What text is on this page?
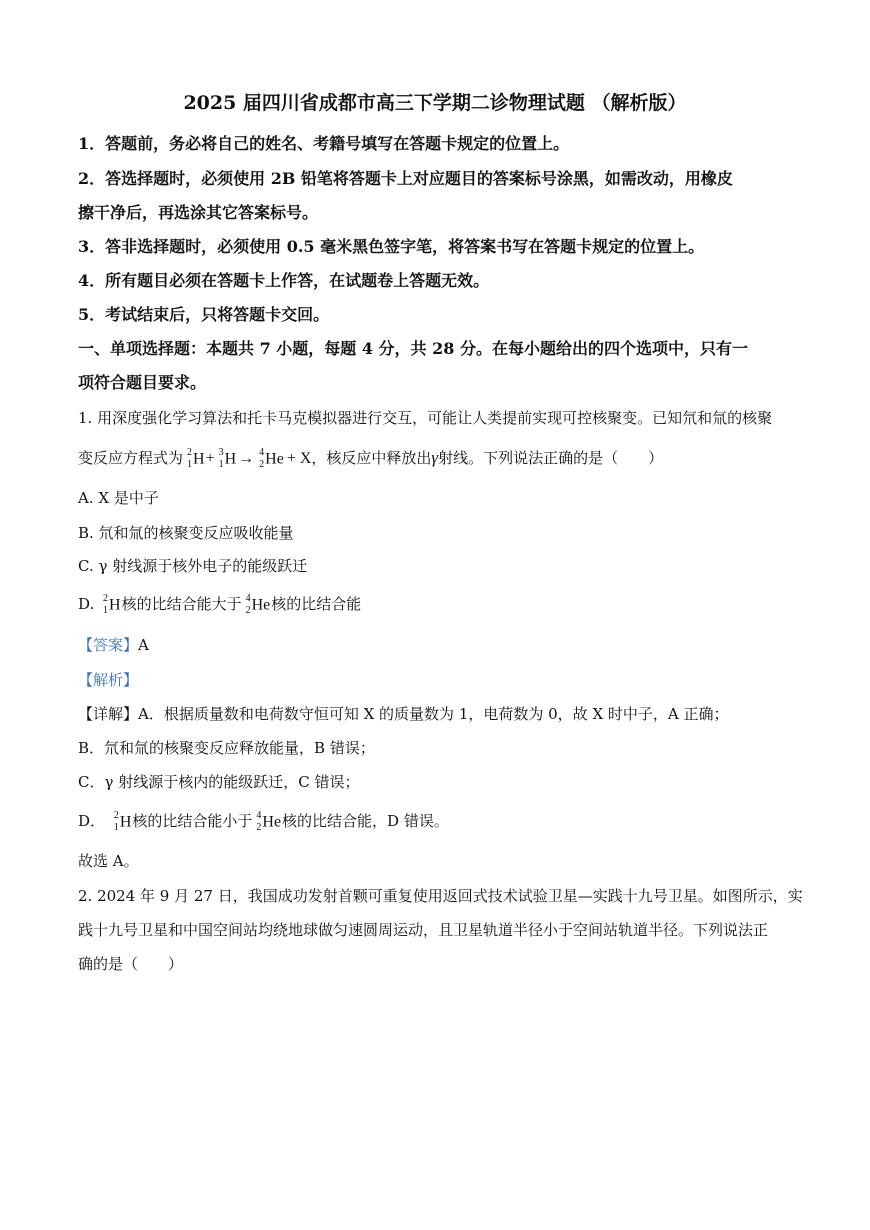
2025 届四川省成都市高三下学期二诊物理试题 （解析版）
1．答题前，务必将自己的姓名、考籍号填写在答题卡规定的位置上。
2．答选择题时，必须使用 2B 铅笔将答题卡上对应题目的答案标号涂黑，如需改动，用橡皮
擦干净后，再选涂其它答案标号。
3．答非选择题时，必须使用 0.5 毫米黑色签字笔，将答案书写在答题卡规定的位置上。
4．所有题目必须在答题卡上作答，在试题卷上答题无效。
5．考试结束后，只将答题卡交回。
一、单项选择题：本题共 7 小题，每题 4 分，共 28 分。在每小题给出的四个选项中，只有一
项符合题目要求。
1. 用深度强化学习算法和托卡马克模拟器进行交互，可能让人类提前实现可控核聚变。已知氘和氚的核聚
变反应方程式为 2
1 H+ 3
1 H → 4
2 He + X，核反应中释放出γ射线。下列说法正确的是（　　）
A. X 是中子
B. 氘和氚的核聚变反应吸收能量
C. γ 射线源于核外电子的能级跃迁
D. 2
1 H核的比结合能大于 4
2 He核的比结合能
【答案】A
【解析】
【详解】A．根据质量数和电荷数守恒可知 X 的质量数为 1，电荷数为 0，故 X 时中子，A 正确；
B．氘和氚的核聚变反应释放能量，B 错误；
C．γ 射线源于核内的能级跃迁，C 错误；
D． 2
1 H核的比结合能小于 4
2 He核的比结合能，D 错误。
故选 A。
2. 2024 年 9 月 27 日，我国成功发射首颗可重复使用返回式技术试验卫星—实践十九号卫星。如图所示，实
践十九号卫星和中国空间站均绕地球做匀速圆周运动，且卫星轨道半径小于空间站轨道半径。下列说法正
确的是（　　）
